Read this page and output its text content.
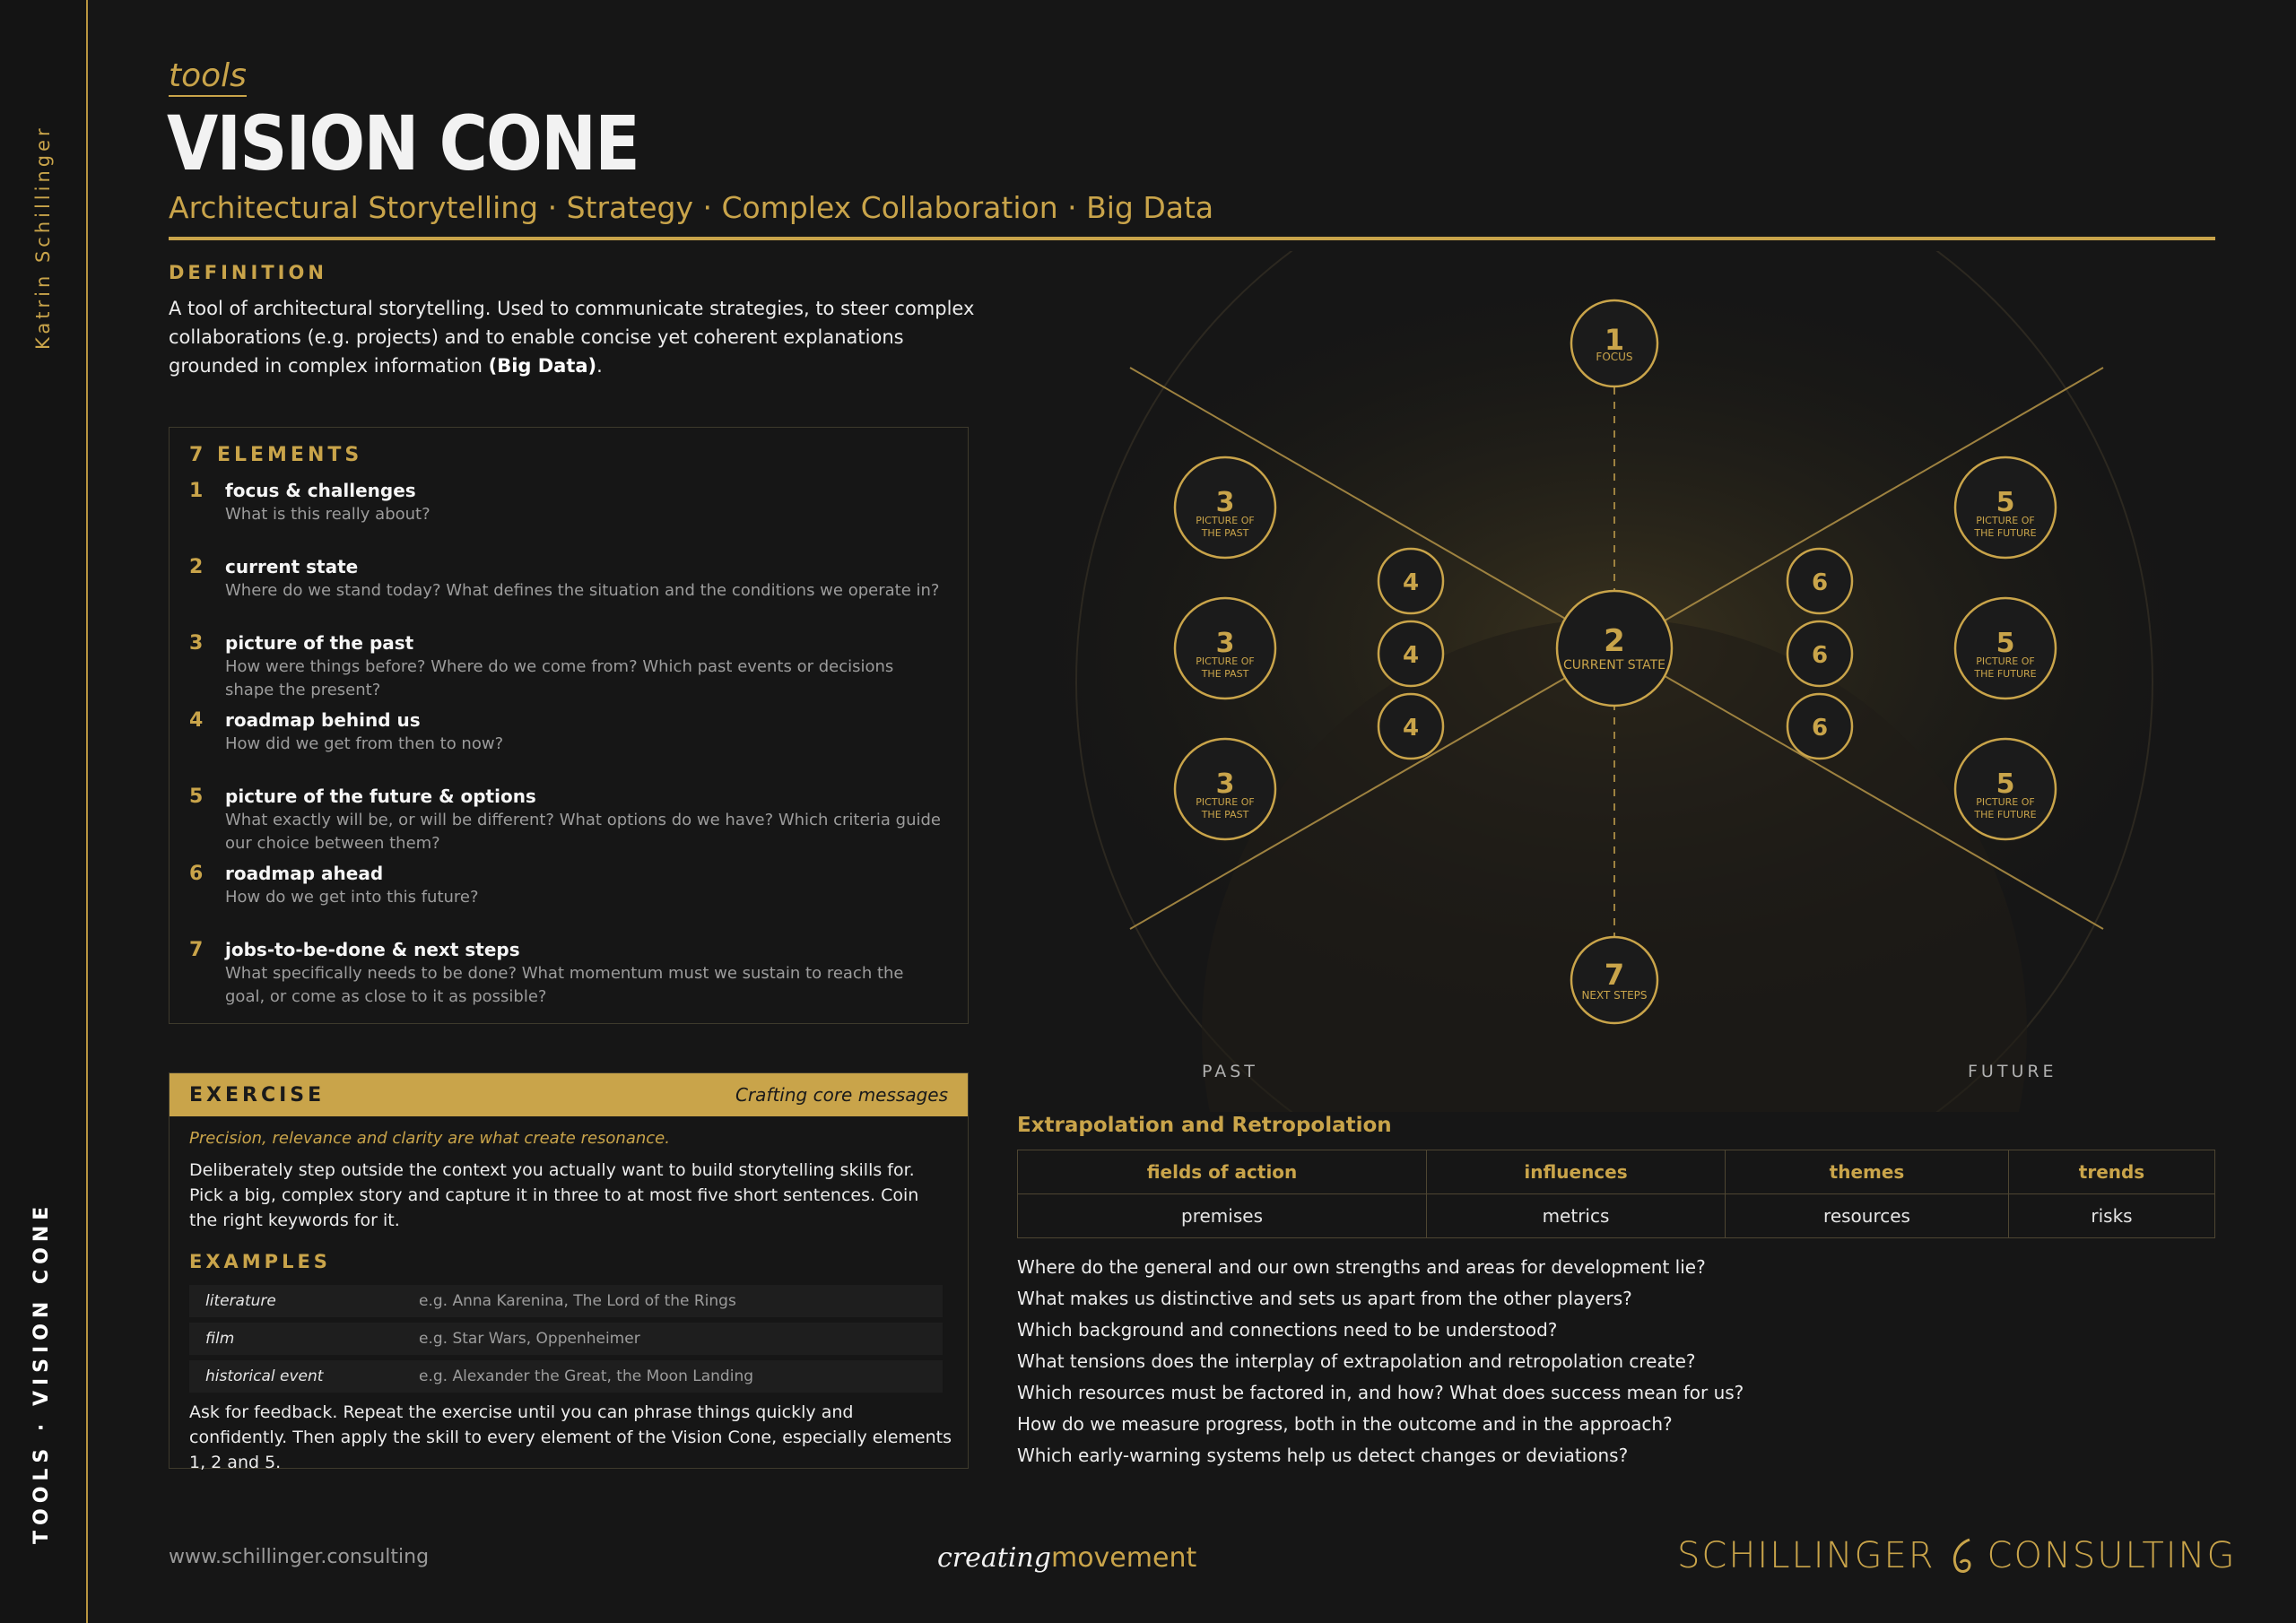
Katrin Schillinger
TOOLS · VISION CONE
tools
VISION CONE
Architectural Storytelling · Strategy · Complex Collaboration · Big Data
DEFINITION
A tool of architectural storytelling. Used to communicate strategies, to steer complex collaborations (e.g. projects) and to enable concise yet coherent explanations grounded in complex information (Big Data).
7 ELEMENTS
1 focus & challenges
What is this really about?
2 current state
Where do we stand today? What defines the situation and the conditions we operate in?
3 picture of the past
How were things before? Where do we come from? Which past events or decisions shape the present?
4 roadmap behind us
How did we get from then to now?
5 picture of the future & options
What exactly will be, or will be different? What options do we have? Which criteria guide our choice between them?
6 roadmap ahead
How do we get into this future?
7 jobs-to-be-done & next steps
What specifically needs to be done? What momentum must we sustain to reach the goal, or come as close to it as possible?
EXERCISE	Crafting core messages
Precision, relevance and clarity are what create resonance.
Deliberately step outside the context you actually want to build storytelling skills for. Pick a big, complex story and capture it in three to at most five short sentences. Coin the right keywords for it.
EXAMPLES
literature	e.g. Anna Karenina, The Lord of the Rings
film	e.g. Star Wars, Oppenheimer
historical event	e.g. Alexander the Great, the Moon Landing
Ask for feedback. Repeat the exercise until you can phrase things quickly and confidently. Then apply the skill to every element of the Vision Cone, especially elements 1, 2 and 5.
1
FOCUS
2
CURRENT STATE
7
NEXT STEPS
3
PICTURE OF
THE PAST
3
PICTURE OF
THE PAST
3
PICTURE OF
THE PAST
4
4
4
6
6
6
5
PICTURE OF
THE FUTURE
5
PICTURE OF
THE FUTURE
5
PICTURE OF
THE FUTURE
PAST	FUTURE
Extrapolation and Retropolation
fields of action	influences	themes	trends
premises	metrics	resources	risks
Where do the general and our own strengths and areas for development lie?
What makes us distinctive and sets us apart from the other players?
Which background and connections need to be understood?
What tensions does the interplay of extrapolation and retropolation create?
Which resources must be factored in, and how? What does success mean for us?
How do we measure progress, both in the outcome and in the approach?
Which early-warning systems help us detect changes or deviations?
www.schillinger.consulting	creatingmovement	SCHILLINGER CONSULTING
